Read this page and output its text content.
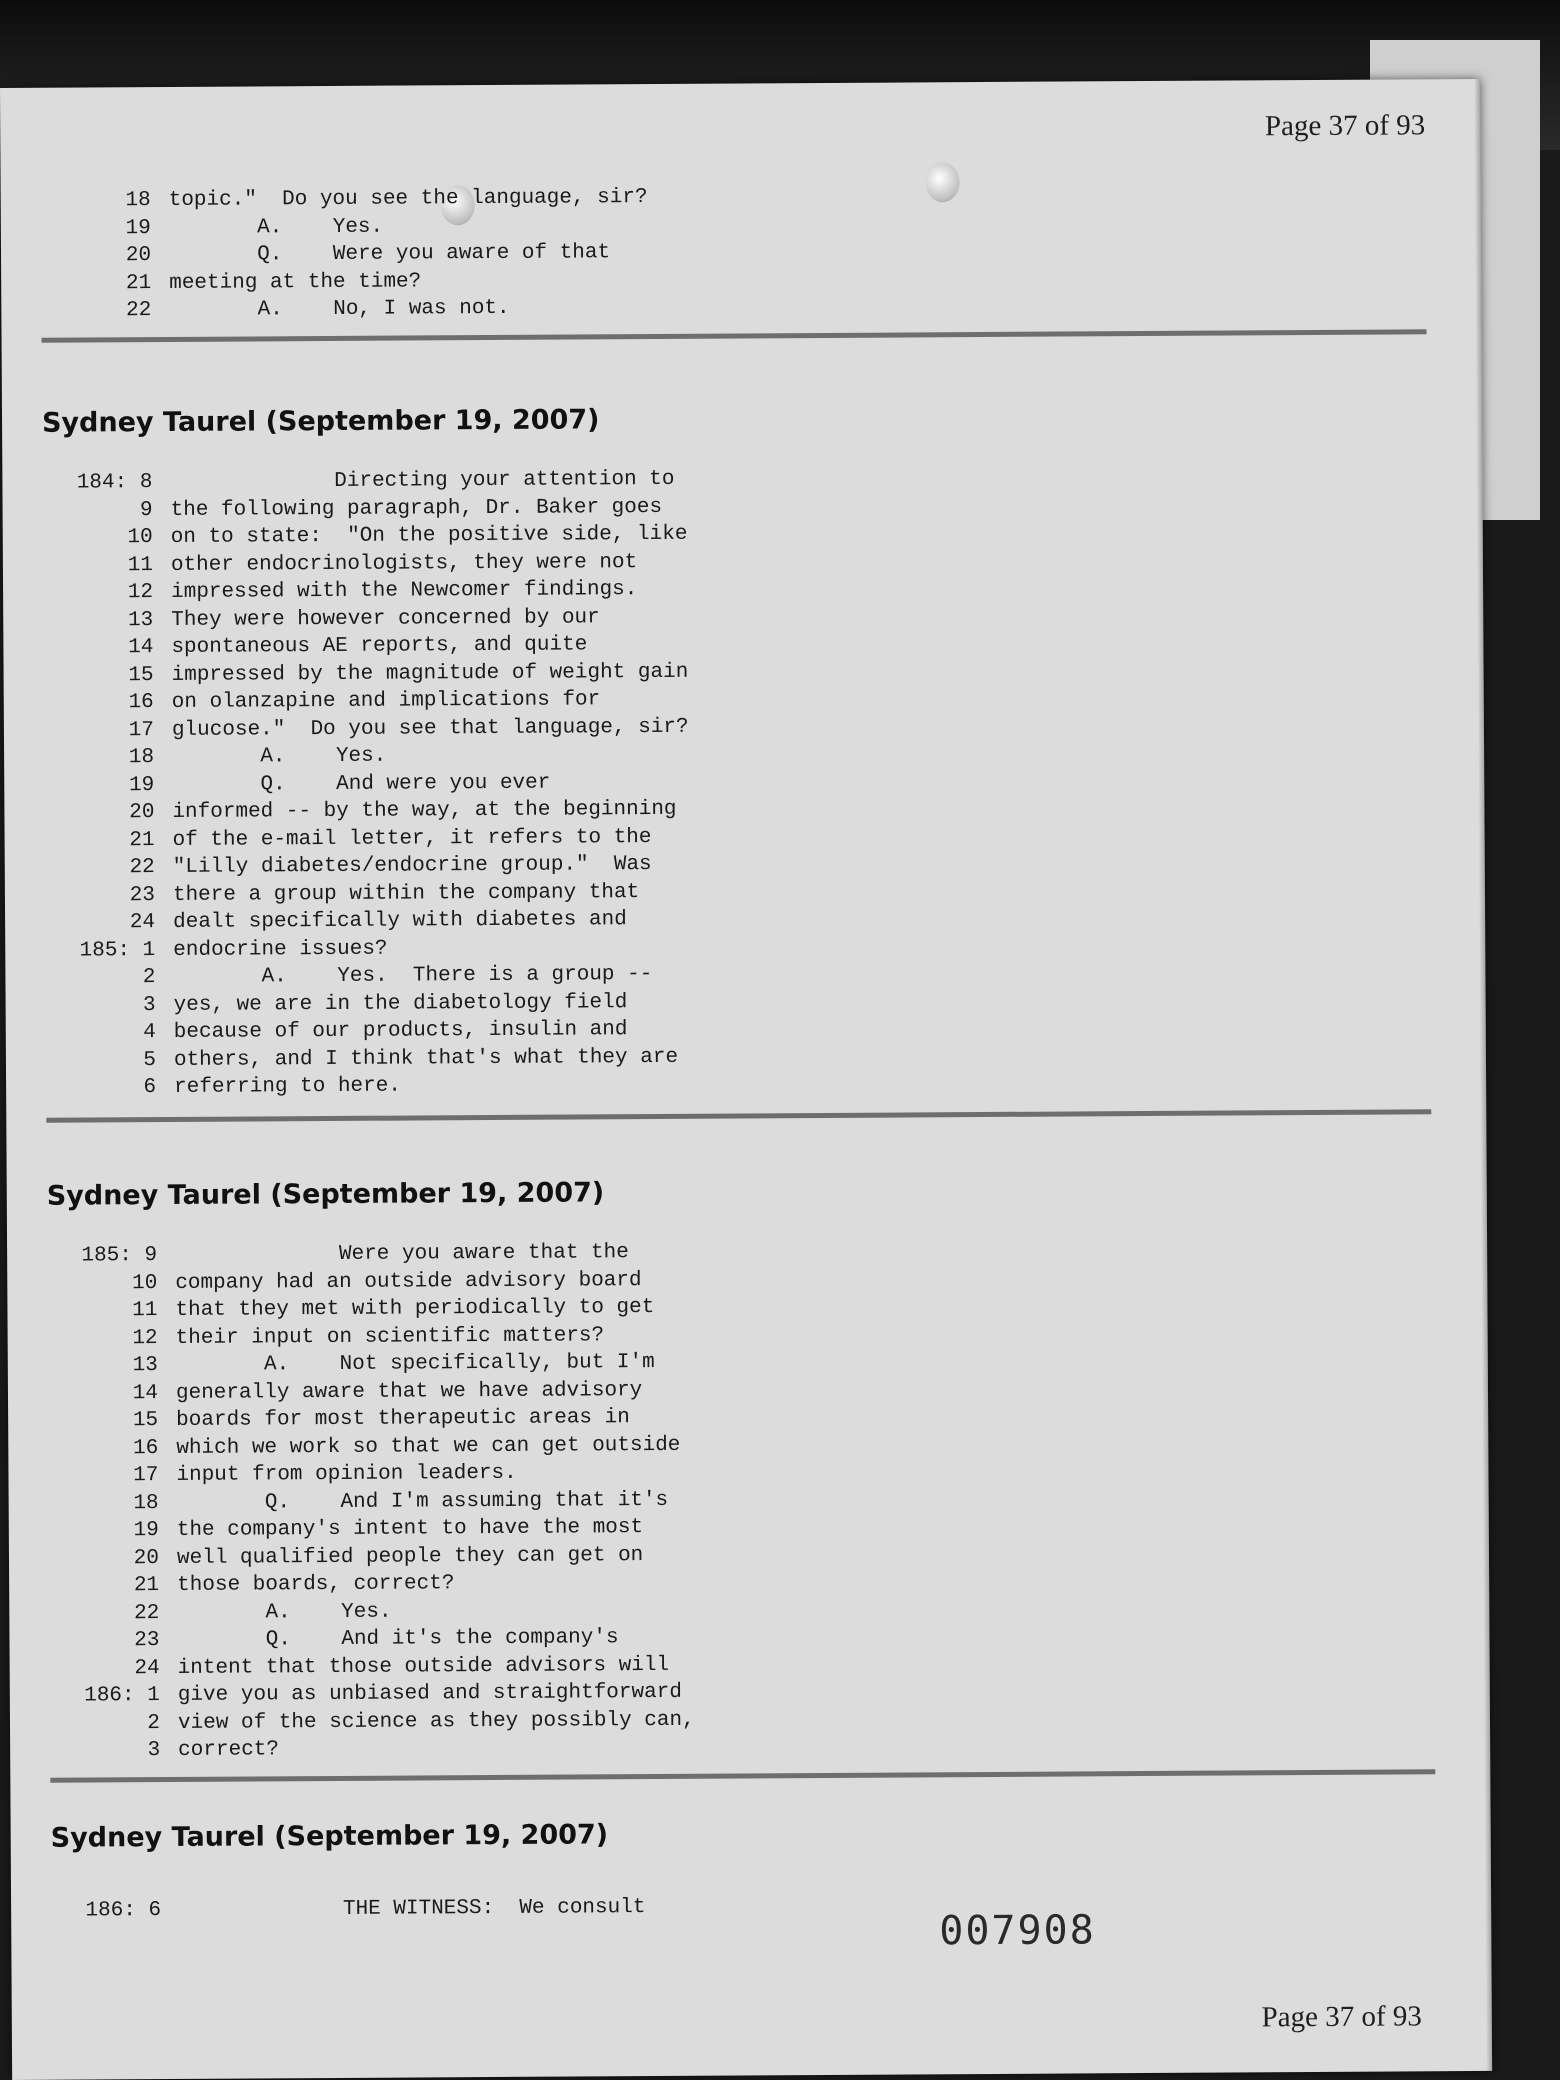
Page 37 of 93
18 topic."  Do you see the language, sir?
19       A.    Yes.
20       Q.    Were you aware of that
21 meeting at the time?
22       A.    No, I was not.
Sydney Taurel (September 19, 2007)
184: 8             Directing your attention to
9 the following paragraph, Dr. Baker goes
10 on to state:  "On the positive side, like
11 other endocrinologists, they were not
12 impressed with the Newcomer findings.
13 They were however concerned by our
14 spontaneous AE reports, and quite
15 impressed by the magnitude of weight gain
16 on olanzapine and implications for
17 glucose."  Do you see that language, sir?
18       A.    Yes.
19       Q.    And were you ever
20 informed -- by the way, at the beginning
21 of the e-mail letter, it refers to the
22 "Lilly diabetes/endocrine group."  Was
23 there a group within the company that
24 dealt specifically with diabetes and
185: 1 endocrine issues?
2       A.    Yes.  There is a group --
3 yes, we are in the diabetology field
4 because of our products, insulin and
5 others, and I think that's what they are
6 referring to here.
Sydney Taurel (September 19, 2007)
185: 9             Were you aware that the
10 company had an outside advisory board
11 that they met with periodically to get
12 their input on scientific matters?
13       A.    Not specifically, but I'm
14 generally aware that we have advisory
15 boards for most therapeutic areas in
16 which we work so that we can get outside
17 input from opinion leaders.
18       Q.    And I'm assuming that it's
19 the company's intent to have the most
20 well qualified people they can get on
21 those boards, correct?
22       A.    Yes.
23       Q.    And it's the company's
24 intent that those outside advisors will
186: 1 give you as unbiased and straightforward
2 view of the science as they possibly can,
3 correct?
Sydney Taurel (September 19, 2007)
186: 6             THE WITNESS:  We consult	007908
Page 37 of 93
